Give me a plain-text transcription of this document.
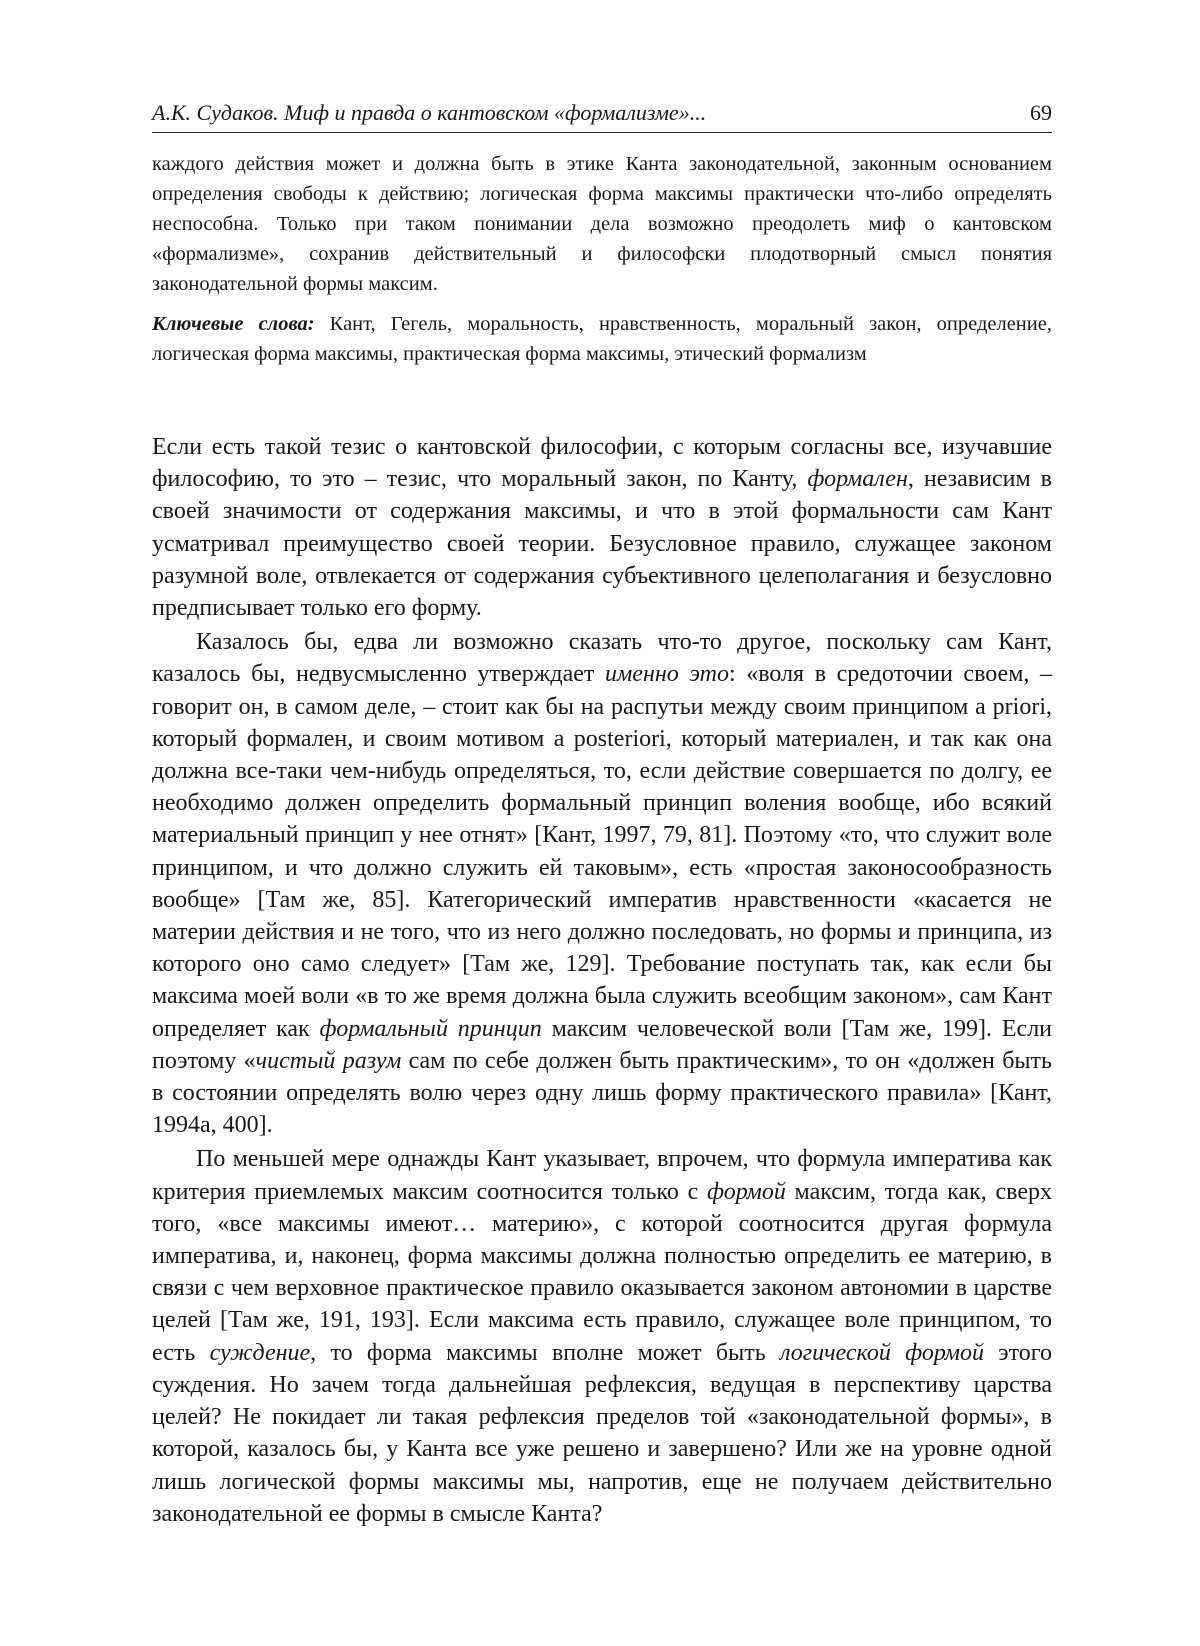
А.К. Судаков. Миф и правда о кантовском «формализме»...	69
каждого действия может и должна быть в этике Канта законодательной, законным основанием определения свободы к действию; логическая форма максимы практически что-либо определять неспособна. Только при таком понимании дела возможно преодолеть миф о кантовском «формализме», сохранив действительный и философски плодотворный смысл понятия законодательной формы максим.
Ключевые слова: Кант, Гегель, моральность, нравственность, моральный закон, определение, логическая форма максимы, практическая форма максимы, этический формализм

Если есть такой тезис о кантовской философии, с которым согласны все, изучавшие философию, то это – тезис, что моральный закон, по Канту, формален, независим в своей значимости от содержания максимы, и что в этой формальности сам Кант усматривал преимущество своей теории. Безусловное правило, служащее законом разумной воле, отвлекается от содержания субъективного целеполагания и безусловно предписывает только его форму.

Казалось бы, едва ли возможно сказать что-то другое, поскольку сам Кант, казалось бы, недвусмысленно утверждает именно это: «воля в средоточии своем, – говорит он, в самом деле, – стоит как бы на распутьи между своим принципом a priori, который формален, и своим мотивом a posteriori, который материален, и так как она должна все-таки чем-нибудь определяться, то, если действие совершается по долгу, ее необходимо должен определить формальный принцип воления вообще, ибо всякий материальный принцип у нее отнят» [Кант, 1997, 79, 81]. Поэтому «то, что служит воле принципом, и что должно служить ей таковым», есть «простая законосообразность вообще» [Там же, 85]. Категорический императив нравственности «касается не материи действия и не того, что из него должно последовать, но формы и принципа, из которого оно само следует» [Там же, 129]. Требование поступать так, как если бы максима моей воли «в то же время должна была служить всеобщим законом», сам Кант определяет как формальный принцип максим человеческой воли [Там же, 199]. Если поэтому «чистый разум сам по себе должен быть практическим», то он «должен быть в состоянии определять волю через одну лишь форму практического правила» [Кант, 1994а, 400].

По меньшей мере однажды Кант указывает, впрочем, что формула императива как критерия приемлемых максим соотносится только с формой максим, тогда как, сверх того, «все максимы имеют… материю», с которой соотносится другая формула императива, и, наконец, форма максимы должна полностью определить ее материю, в связи с чем верховное практическое правило оказывается законом автономии в царстве целей [Там же, 191, 193]. Если максима есть правило, служащее воле принципом, то есть суждение, то форма максимы вполне может быть логической формой этого суждения. Но зачем тогда дальнейшая рефлексия, ведущая в перспективу царства целей? Не покидает ли такая рефлексия пределов той «законодательной формы», в которой, казалось бы, у Канта все уже решено и завершено? Или же на уровне одной лишь логической формы максимы мы, напротив, еще не получаем действительно законодательной ее формы в смысле Канта?
